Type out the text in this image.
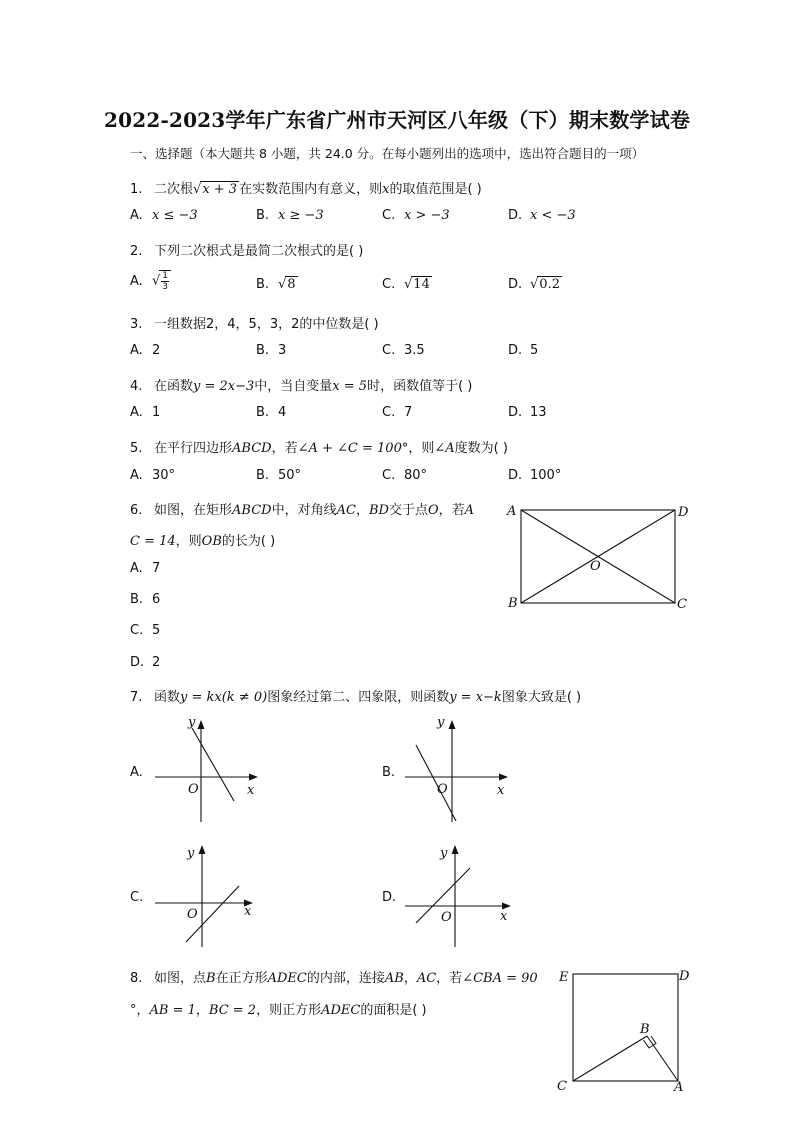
2022-2023学年广东省广州市天河区八年级（下）期末数学试卷
一、选择题（本大题共 8 小题，共 24.0 分。在每小题列出的选项中，选出符合题目的一项）
1. 二次根√x + 3 在实数范围内有意义，则x的取值范围是( )
A. x ≤ −3	B. x ≥ −3	C. x > −3	D. x < −3
2. 下列二次根式是最简二次根式的是( )
A. √ $\frac{1}{3}$	B. √8	C. √14	D. √0.2
3. 一组数据2，4，5，3，2的中位数是( )
A. 2	B. 3	C. 3.5	D. 5
4. 在函数y = 2x−3中，当自变量x = 5时，函数值等于( )
A. 1	B. 4	C. 7	D. 13
5. 在平行四边形ABCD，若∠A + ∠C = 100°，则∠A度数为( )
A. 30°	B. 50°	C. 80°	D. 100°
6. 如图，在矩形ABCD中，对角线AC，BD交于点O，若A
C = 14，则OB的长为( )
A. 7
B. 6
C. 5
D. 2
A	D
B	C
O
7. 函数y = kx(k ≠ 0)图象经过第二、四象限，则函数y = x−k图象大致是( )
A.
y
x
O
B.
y
x
O
C.
y
x
O
D.
y
x
O
8. 如图，点B在正方形ADEC的内部，连接AB，AC，若∠CBA = 90
°，AB = 1，BC = 2，则正方形ADEC的面积是( )
E	D
B
C	A
